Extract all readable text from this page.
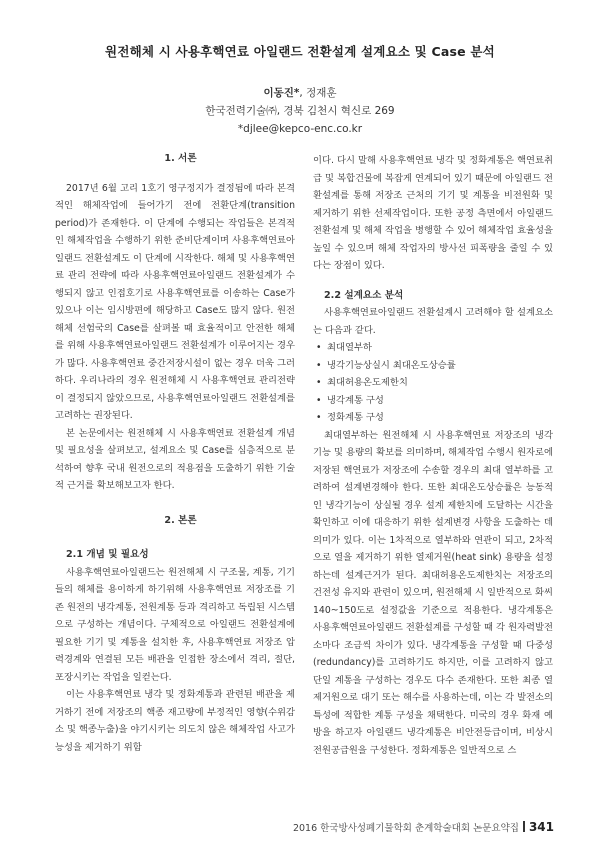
원전해체 시 사용후핵연료 아일랜드 전환설계 설계요소 및 Case 분석
이동진*, 정재훈
한국전력기술㈜, 경북 김천시 혁신로 269
*djlee@kepco-enc.co.kr

1. 서론

2017년 6월 고리 1호기 영구정지가 결정됨에 따라 본격적인 해체작업에 들어가기 전에 전환단계(transition period)가 존재한다. 이 단계에 수행되는 작업들은 본격적인 해체작업을 수행하기 위한 준비단계이며 사용후핵연료아일랜드 전환설계도 이 단계에 시작한다. 해체 및 사용후핵연료 관리 전략에 따라 사용후핵연료아일랜드 전환설계가 수행되지 않고 인접호기로 사용후핵연료를 이송하는 Case가 있으나 이는 임시방편에 해당하고 Case도 많지 않다. 원전해체 선험국의 Case를 살펴볼 때 효율적이고 안전한 해체를 위해 사용후핵연료아일랜드 전환설계가 이루어지는 경우가 많다. 사용후핵연료 중간저장시설이 없는 경우 더욱 그러하다. 우리나라의 경우 원전해체 시 사용후핵연료 관리전략이 결정되지 않았으므로, 사용후핵연료아일랜드 전환설계를 고려하는 권장된다.

본 논문에서는 원전해체 시 사용후핵연료 전환설계 개념 및 필요성을 살펴보고, 설계요소 및 Case를 심층적으로 분석하여 향후 국내 원전으로의 적용점을 도출하기 위한 기술적 근거를 확보해보고자 한다.

2. 본론

2.1 개념 및 필요성

사용후핵연료아일랜드는 원전해체 시 구조물, 계통, 기기들의 해체를 용이하게 하기위해 사용후핵연료 저장조를 기존 원전의 냉각계통, 전원계통 등과 격리하고 독립된 시스템으로 구성하는 개념이다. 구체적으로 아일랜드 전환설계에 필요한 기기 및 계통을 설치한 후, 사용후핵연료 저장조 압력경계와 연결된 모든 배관을 인접한 장소에서 격리, 절단, 포장시키는 작업을 일컫는다.

이는 사용후핵연료 냉각 및 정화계통과 관련된 배관을 제거하기 전에 저장조의 핵종 재고량에 부정적인 영향(수위감소 및 핵종누출)을 야기시키는 의도치 않은 해체작업 사고가능성을 제거하기 위함

이다. 다시 말해 사용후핵연료 냉각 및 정화계통은 핵연료취급 및 복합건물에 복잡게 연계되어 있기 때문에 아일랜드 전환설계를 통해 저장조 근처의 기기 및 계통을 비전원화 및 제거하기 위한 선제작업이다. 또한 공정 측면에서 아일랜드 전환설계 및 해체 작업을 병행할 수 있어 해체작업 효율성을 높일 수 있으며 해체 작업자의 방사선 피폭량을 줄일 수 있다는 장점이 있다.

2.2 설계요소 분석

사용후핵연료아일랜드 전환설계시 고려해야 할 설계요소는 다음과 같다.

• 최대열부하
• 냉각기능상실시 최대온도상승률
• 최대허용온도제한치
• 냉각계통 구성
• 정화계통 구성

최대열부하는 원전해체 시 사용후핵연료 저장조의 냉각기능 및 용량의 확보를 의미하며, 해체작업 수행시 원자로에 저장된 핵연료가 저장조에 수송할 경우의 최대 열부하를 고려하여 설계변경해야 한다. 또한 최대온도상승률은 능동적인 냉각기능이 상실될 경우 설계 제한치에 도달하는 시간을 확인하고 이에 대응하기 위한 설계변경 사항을 도출하는 데 의미가 있다. 이는 1차적으로 열부하와 연관이 되고, 2차적으로 열을 제거하기 위한 열제거원(heat sink) 용량을 설정하는데 설계근거가 된다. 최대허용온도제한치는 저장조의 건전성 유지와 관련이 있으며, 원전해체 시 일반적으로 화씨 140~150도로 설정값을 기준으로 적용한다. 냉각계통은 사용후핵연료아일랜드 전환설계를 구성할 때 각 원자력발전소마다 조금씩 차이가 있다. 냉각계통을 구성할 때 다중성(redundancy)를 고려하기도 하지만, 이를 고려하지 않고 단일 계통을 구성하는 경우도 다수 존재한다. 또한 최종 열제거원으로 대기 또는 해수를 사용하는데, 이는 각 발전소의 특성에 적합한 계통 구성을 채택한다. 미국의 경우 화재 예방을 하고자 아일랜드 냉각계통은 비안전등급이며, 비상시 전원공급원을 구성한다. 정화계통은 일반적으로 스

2016 한국방사성폐기물학회 춘계학술대회 논문요약집 341
